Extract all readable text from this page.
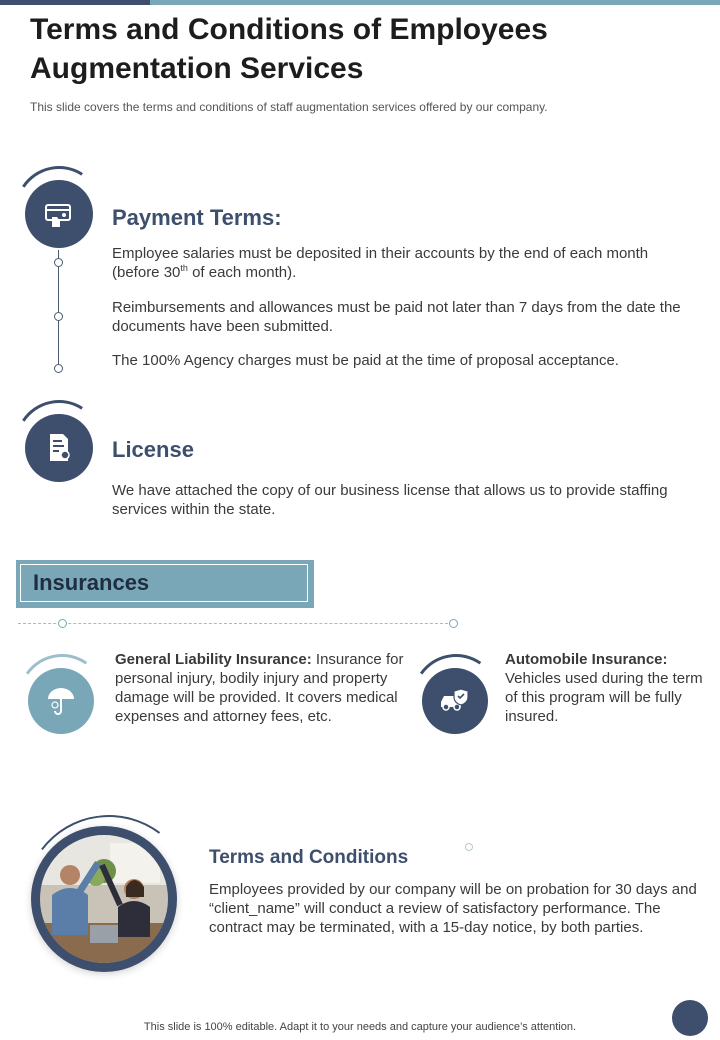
Terms and Conditions of Employees Augmentation Services
This slide covers the terms and conditions of staff augmentation services offered by our company.
Payment Terms:

Employee salaries must be deposited in their accounts by the end of each month (before 30th of each month).

Reimbursements and allowances must be paid not later than 7 days from the date the documents have been submitted.

The 100% Agency charges must be paid at the time of proposal acceptance.

License

We have attached the copy of our business license that allows us to provide staffing services within the state.

Insurances

General Liability Insurance: Insurance for personal injury, bodily injury and property damage will be provided. It covers medical expenses and attorney fees, etc.

Automobile Insurance:
Vehicles used during the term of this program will be fully insured.

Terms and Conditions

Employees provided by our company will be on probation for 30 days and “client_name” will conduct a review of satisfactory performance. The contract may be terminated, with a 15-day notice, by both parties.

This slide is 100% editable. Adapt it to your needs and capture your audience’s attention.
